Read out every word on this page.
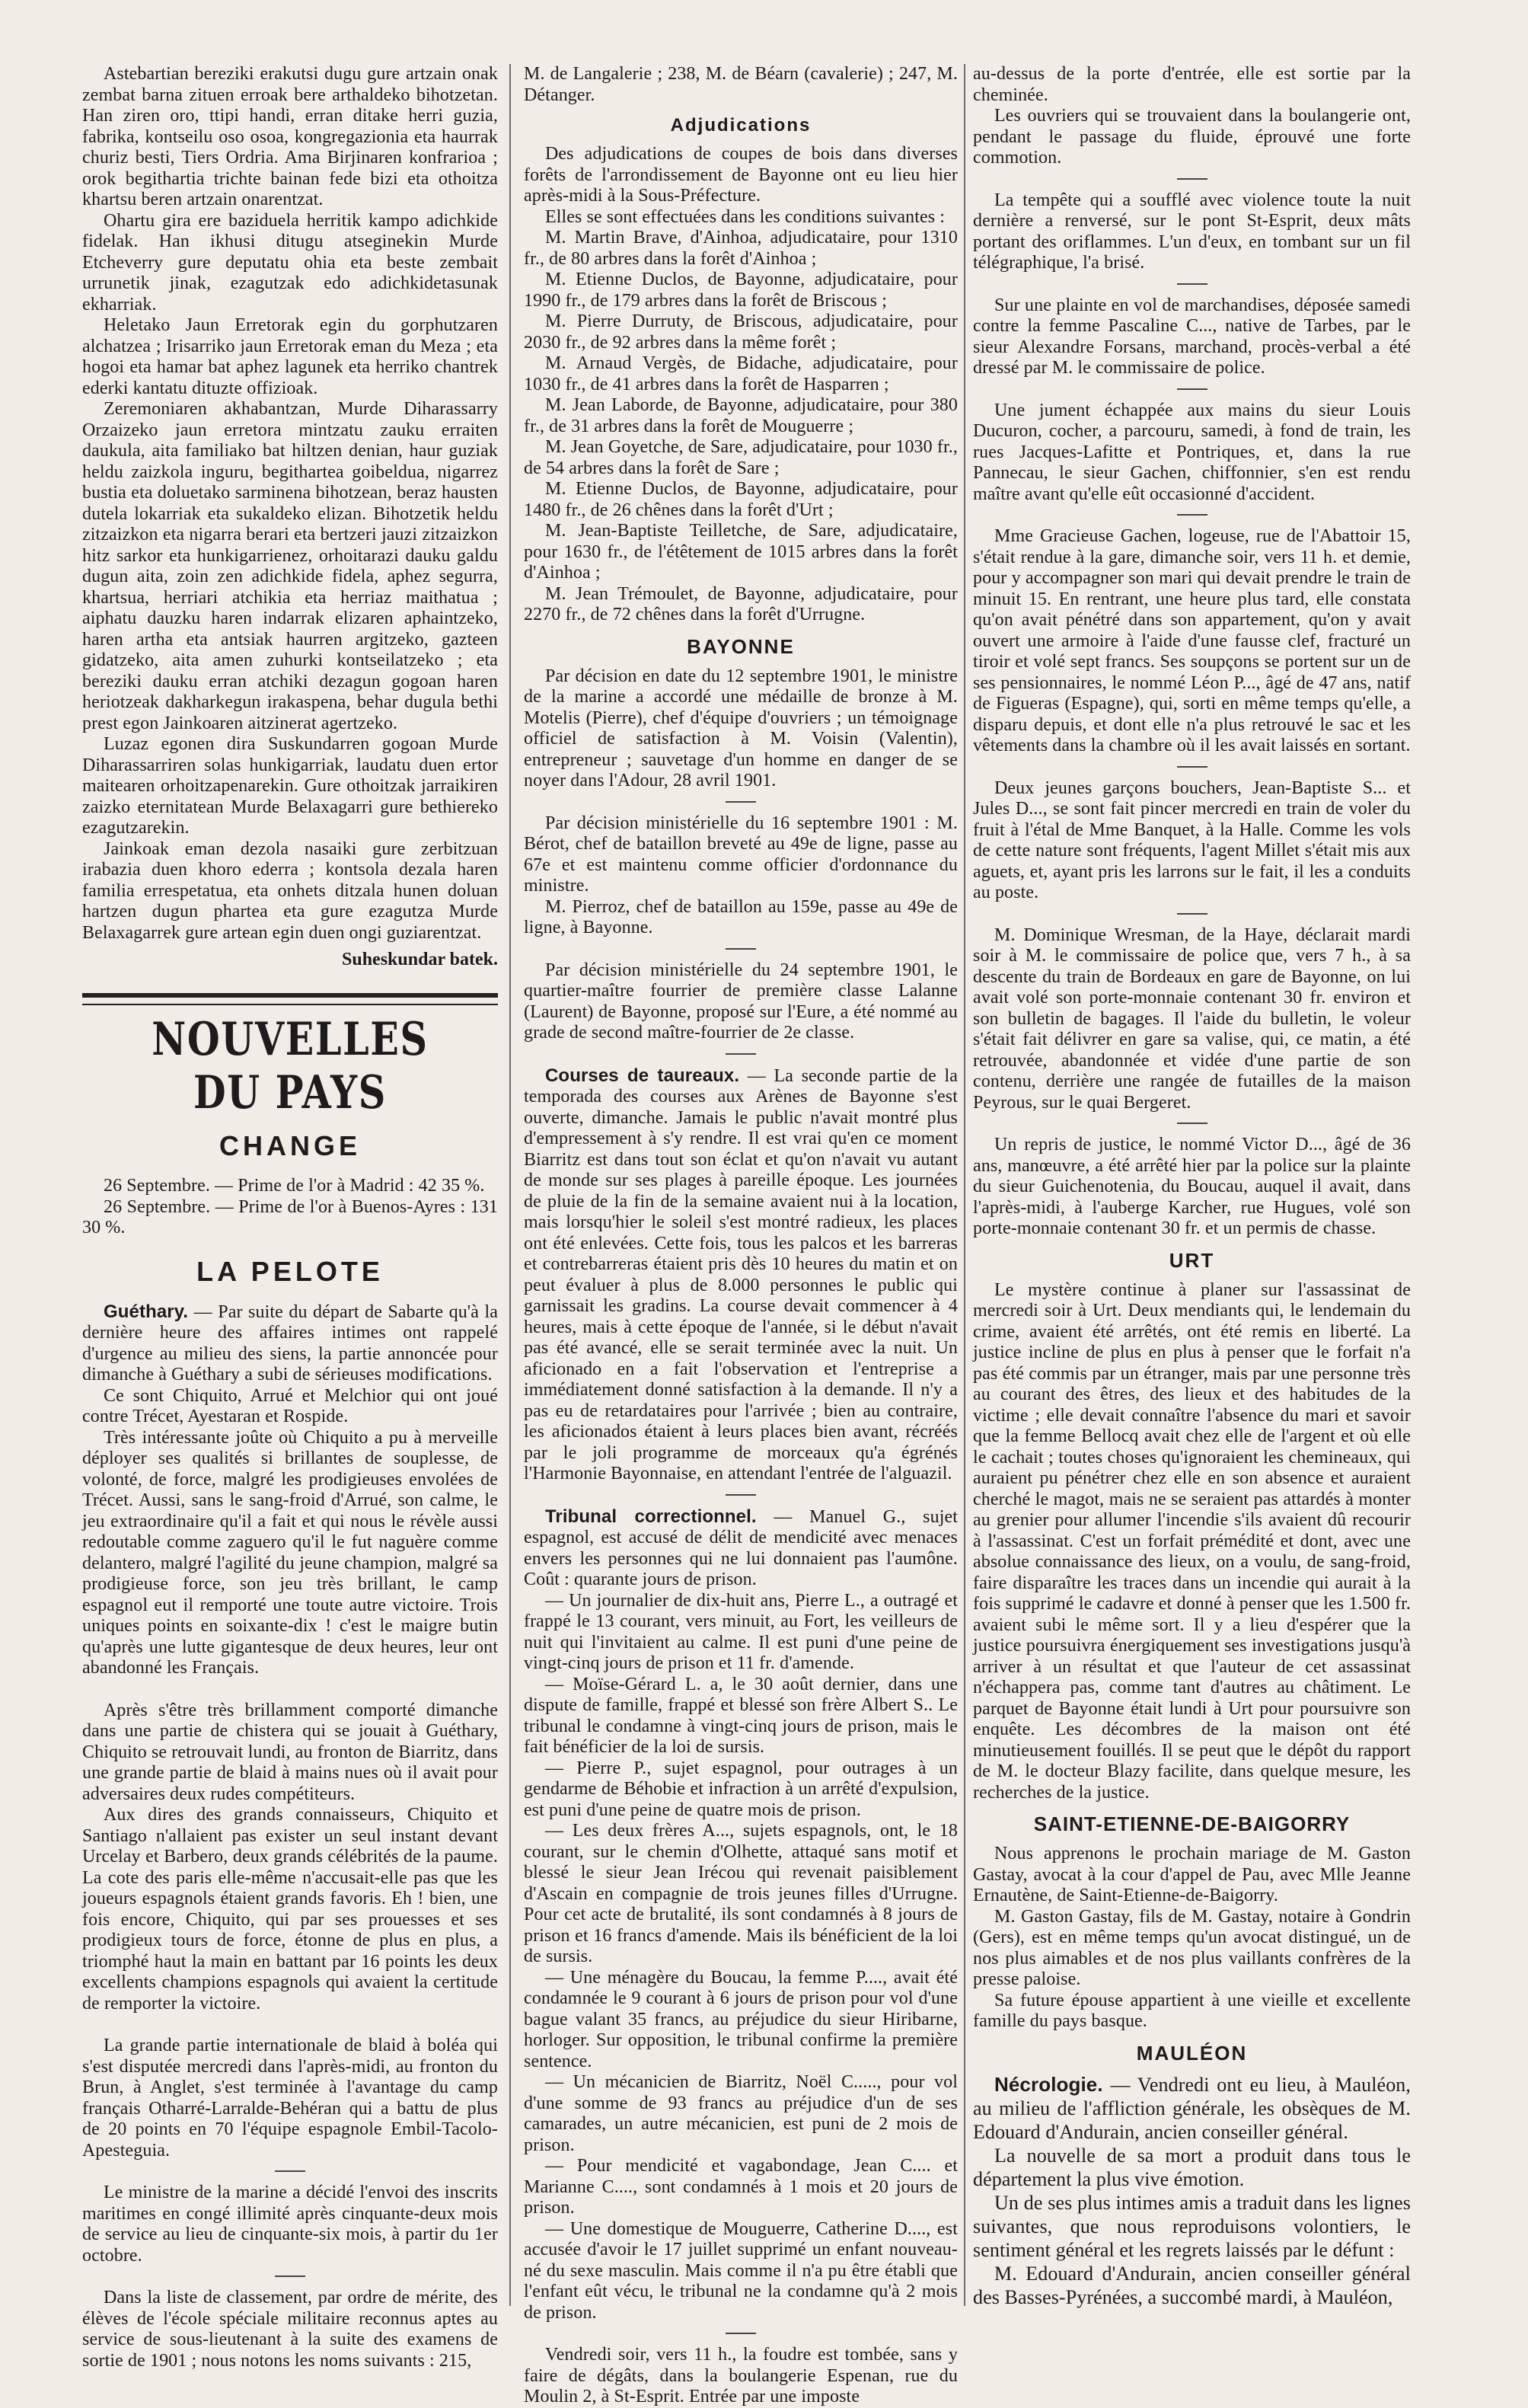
Astebartian bereziki erakutsi dugu gure artzain onak zembat barna zituen erroak bere arthaldeko bihotzetan. Han ziren oro, ttipi handi, erran ditake herri guzia, fabrika, kontseilu oso osoa, kongregazionia eta haurrak churiz besti, Tiers Ordria. Ama Birjinaren konfrarioa ; orok begithartia trichte bainan fede bizi eta othoitza khartsu beren artzain onarentzat.

Ohartu gira ere baziduela herritik kampo adichkide fidelak. Han ikhusi ditugu atseginekin Murde Etcheverry gure deputatu ohia eta beste zembait urrunetik jinak, ezagutzak edo adichkidetasunak ekharriak.

Heletako Jaun Erretorak egin du gorphutzaren alchatzea ; Irisarriko jaun Erretorak eman du Meza ; eta hogoi eta hamar bat aphez lagunek eta herriko chantrek ederki kantatu dituzte offizioak.

Zeremoniaren akhabantzan, Murde Diharassarry Orzaizeko jaun erretora mintzatu zauku erraiten daukula, aita familiako bat hiltzen denian, haur guziak heldu zaizkola inguru, begithartea goibeldua, nigarrez bustia eta doluetako sarminena bihotzean, beraz hausten dutela lokarriak eta sukaldeko elizan. Bihotzetik heldu zitzaizkon eta nigarra berari eta bertzeri jauzi zitzaizkon hitz sarkor eta hunkigarrienez, orhoitarazi dauku galdu dugun aita, zoin zen adichkide fidela, aphez segurra, khartsua, herriari atchikia eta herriaz maithatua ; aiphatu dauzku haren indarrak elizaren aphaintzeko, haren artha eta antsiak haurren argitzeko, gazteen gidatzeko, aita amen zuhurki kontseilatzeko ; eta bereziki dauku erran atchiki dezagun gogoan haren heriotzeak dakharkegun irakaspena, behar dugula bethi prest egon Jainkoaren aitzinerat agertzeko.

Luzaz egonen dira Suskundarren gogoan Murde Diharassarriren solas hunkigarriak, laudatu duen ertor maitearen orhoitzapenarekin. Gure othoitzak jarraikiren zaizko eternitatean Murde Belaxagarri gure bethiereko ezagutzarekin.

Jainkoak eman dezola nasaiki gure zerbitzuan irabazia duen khoro ederra ; kontsola dezala haren familia errespetatua, eta onhets ditzala hunen doluan hartzen dugun phartea eta gure ezagutza Murde Belaxagarrek gure artean egin duen ongi guziarentzat.

Suheskundar batek.
NOUVELLES DU PAYS
CHANGE

26 Septembre. — Prime de l'or à Madrid : 42 35 %.

26 Septembre. — Prime de l'or à Buenos-Ayres : 131 30 %.

LA PELOTE

Guéthary. — Par suite du départ de Sabarte qu'à la dernière heure des affaires intimes ont rappelé d'urgence au milieu des siens, la partie annoncée pour dimanche à Guéthary a subi de sérieuses modifications.

Ce sont Chiquito, Arrué et Melchior qui ont joué contre Trécet, Ayestaran et Rospide.

Très intéressante joûte où Chiquito a pu à merveille déployer ses qualités si brillantes de souplesse, de volonté, de force, malgré les prodigieuses envolées de Trécet. Aussi, sans le sang-froid d'Arrué, son calme, le jeu extraordinaire qu'il a fait et qui nous le révèle aussi redoutable comme zaguero qu'il le fut naguère comme delantero, malgré l'agilité du jeune champion, malgré sa prodigieuse force, son jeu très brillant, le camp espagnol eut il remporté une toute autre victoire. Trois uniques points en soixante-dix ! c'est le maigre butin qu'après une lutte gigantesque de deux heures, leur ont abandonné les Français.

Après s'être très brillamment comporté dimanche dans une partie de chistera qui se jouait à Guéthary, Chiquito se retrouvait lundi, au fronton de Biarritz, dans une grande partie de blaid à mains nues où il avait pour adversaires deux rudes compétiteurs.

Aux dires des grands connaisseurs, Chiquito et Santiago n'allaient pas exister un seul instant devant Urcelay et Barbero, deux grands célébrités de la paume. La cote des paris elle-même n'accusait-elle pas que les joueurs espagnols étaient grands favoris. Eh ! bien, une fois encore, Chiquito, qui par ses prouesses et ses prodigieux tours de force, étonne de plus en plus, a triomphé haut la main en battant par 16 points les deux excellents champions espagnols qui avaient la certitude de remporter la victoire.

La grande partie internationale de blaid à boléa qui s'est disputée mercredi dans l'après-midi, au fronton du Brun, à Anglet, s'est terminée à l'avantage du camp français Otharré-Larralde-Behéran qui a battu de plus de 20 points en 70 l'équipe espagnole Embil-Tacolo-Apesteguia.

Le ministre de la marine a décidé l'envoi des inscrits maritimes en congé illimité après cinquante-deux mois de service au lieu de cinquante-six mois, à partir du 1er octobre.

Dans la liste de classement, par ordre de mérite, des élèves de l'école spéciale militaire reconnus aptes au service de sous-lieutenant à la suite des examens de sortie de 1901 ; nous notons les noms suivants : 215,

M. de Langalerie ; 238, M. de Béarn (cavalerie) ; 247, M. Détanger.

Adjudications

Des adjudications de coupes de bois dans diverses forêts de l'arrondissement de Bayonne ont eu lieu hier après-midi à la Sous-Préfecture.

Elles se sont effectuées dans les conditions suivantes :

M. Martin Brave, d'Ainhoa, adjudicataire, pour 1310 fr., de 80 arbres dans la forêt d'Ainhoa ;

M. Etienne Duclos, de Bayonne, adjudicataire, pour 1990 fr., de 179 arbres dans la forêt de Briscous ;

M. Pierre Durruty, de Briscous, adjudicataire, pour 2030 fr., de 92 arbres dans la même forêt ;

M. Arnaud Vergès, de Bidache, adjudicataire, pour 1030 fr., de 41 arbres dans la forêt de Hasparren ;

M. Jean Laborde, de Bayonne, adjudicataire, pour 380 fr., de 31 arbres dans la forêt de Mouguerre ;

M. Jean Goyetche, de Sare, adjudicataire, pour 1030 fr., de 54 arbres dans la forêt de Sare ;

M. Etienne Duclos, de Bayonne, adjudicataire, pour 1480 fr., de 26 chênes dans la forêt d'Urt ;

M. Jean-Baptiste Teilletche, de Sare, adjudicataire, pour 1630 fr., de l'étêtement de 1015 arbres dans la forêt d'Ainhoa ;

M. Jean Trémoulet, de Bayonne, adjudicataire, pour 2270 fr., de 72 chênes dans la forêt d'Urrugne.

BAYONNE

Par décision en date du 12 septembre 1901, le ministre de la marine a accordé une médaille de bronze à M. Motelis (Pierre), chef d'équipe d'ouvriers ; un témoignage officiel de satisfaction à M. Voisin (Valentin), entrepreneur ; sauvetage d'un homme en danger de se noyer dans l'Adour, 28 avril 1901.

Par décision ministérielle du 16 septembre 1901 : M. Bérot, chef de bataillon breveté au 49e de ligne, passe au 67e et est maintenu comme officier d'ordonnance du ministre.

M. Pierroz, chef de bataillon au 159e, passe au 49e de ligne, à Bayonne.

Par décision ministérielle du 24 septembre 1901, le quartier-maître fourrier de première classe Lalanne (Laurent) de Bayonne, proposé sur l'Eure, a été nommé au grade de second maître-fourrier de 2e classe.

Courses de taureaux. — La seconde partie de la temporada des courses aux Arènes de Bayonne s'est ouverte, dimanche. Jamais le public n'avait montré plus d'empressement à s'y rendre. Il est vrai qu'en ce moment Biarritz est dans tout son éclat et qu'on n'avait vu autant de monde sur ses plages à pareille époque. Les journées de pluie de la fin de la semaine avaient nui à la location, mais lorsqu'hier le soleil s'est montré radieux, les places ont été enlevées. Cette fois, tous les palcos et les barreras et contrebarreras étaient pris dès 10 heures du matin et on peut évaluer à plus de 8.000 personnes le public qui garnissait les gradins. La course devait commencer à 4 heures, mais à cette époque de l'année, si le début n'avait pas été avancé, elle se serait terminée avec la nuit. Un aficionado en a fait l'observation et l'entreprise a immédiatement donné satisfaction à la demande. Il n'y a pas eu de retardataires pour l'arrivée ; bien au contraire, les aficionados étaient à leurs places bien avant, récréés par le joli programme de morceaux qu'a égrénés l'Harmonie Bayonnaise, en attendant l'entrée de l'alguazil.

Tribunal correctionnel. — Manuel G., sujet espagnol, est accusé de délit de mendicité avec menaces envers les personnes qui ne lui donnaient pas l'aumône. Coût : quarante jours de prison.

— Un journalier de dix-huit ans, Pierre L., a outragé et frappé le 13 courant, vers minuit, au Fort, les veilleurs de nuit qui l'invitaient au calme. Il est puni d'une peine de vingt-cinq jours de prison et 11 fr. d'amende.

— Moïse-Gérard L. a, le 30 août dernier, dans une dispute de famille, frappé et blessé son frère Albert S.. Le tribunal le condamne à vingt-cinq jours de prison, mais le fait bénéficier de la loi de sursis.

— Pierre P., sujet espagnol, pour outrages à un gendarme de Béhobie et infraction à un arrêté d'expulsion, est puni d'une peine de quatre mois de prison.

— Les deux frères A..., sujets espagnols, ont, le 18 courant, sur le chemin d'Olhette, attaqué sans motif et blessé le sieur Jean Irécou qui revenait paisiblement d'Ascain en compagnie de trois jeunes filles d'Urrugne. Pour cet acte de brutalité, ils sont condamnés à 8 jours de prison et 16 francs d'amende. Mais ils bénéficient de la loi de sursis.

— Une ménagère du Boucau, la femme P...., avait été condamnée le 9 courant à 6 jours de prison pour vol d'une bague valant 35 francs, au préjudice du sieur Hiribarne, horloger. Sur opposition, le tribunal confirme la première sentence.

— Un mécanicien de Biarritz, Noël C....., pour vol d'une somme de 93 francs au préjudice d'un de ses camarades, un autre mécanicien, est puni de 2 mois de prison.

— Pour mendicité et vagabondage, Jean C.... et Marianne C...., sont condamnés à 1 mois et 20 jours de prison.

— Une domestique de Mouguerre, Catherine D...., est accusée d'avoir le 17 juillet supprimé un enfant nouveau-né du sexe masculin. Mais comme il n'a pu être établi que l'enfant eût vécu, le tribunal ne la condamne qu'à 2 mois de prison.

Vendredi soir, vers 11 h., la foudre est tombée, sans y faire de dégâts, dans la boulangerie Espenan, rue du Moulin 2, à St-Esprit. Entrée par une imposte

au-dessus de la porte d'entrée, elle est sortie par la cheminée.

Les ouvriers qui se trouvaient dans la boulangerie ont, pendant le passage du fluide, éprouvé une forte commotion.

La tempête qui a soufflé avec violence toute la nuit dernière a renversé, sur le pont St-Esprit, deux mâts portant des oriflammes. L'un d'eux, en tombant sur un fil télégraphique, l'a brisé.

Sur une plainte en vol de marchandises, déposée samedi contre la femme Pascaline C..., native de Tarbes, par le sieur Alexandre Forsans, marchand, procès-verbal a été dressé par M. le commissaire de police.

Une jument échappée aux mains du sieur Louis Ducuron, cocher, a parcouru, samedi, à fond de train, les rues Jacques-Lafitte et Pontriques, et, dans la rue Pannecau, le sieur Gachen, chiffonnier, s'en est rendu maître avant qu'elle eût occasionné d'accident.

Mme Gracieuse Gachen, logeuse, rue de l'Abattoir 15, s'était rendue à la gare, dimanche soir, vers 11 h. et demie, pour y accompagner son mari qui devait prendre le train de minuit 15. En rentrant, une heure plus tard, elle constata qu'on avait pénétré dans son appartement, qu'on y avait ouvert une armoire à l'aide d'une fausse clef, fracturé un tiroir et volé sept francs. Ses soupçons se portent sur un de ses pensionnaires, le nommé Léon P..., âgé de 47 ans, natif de Figueras (Espagne), qui, sorti en même temps qu'elle, a disparu depuis, et dont elle n'a plus retrouvé le sac et les vêtements dans la chambre où il les avait laissés en sortant.

Deux jeunes garçons bouchers, Jean-Baptiste S... et Jules D..., se sont fait pincer mercredi en train de voler du fruit à l'étal de Mme Banquet, à la Halle. Comme les vols de cette nature sont fréquents, l'agent Millet s'était mis aux aguets, et, ayant pris les larrons sur le fait, il les a conduits au poste.

M. Dominique Wresman, de la Haye, déclarait mardi soir à M. le commissaire de police que, vers 7 h., à sa descente du train de Bordeaux en gare de Bayonne, on lui avait volé son porte-monnaie contenant 30 fr. environ et son bulletin de bagages. Il l'aide du bulletin, le voleur s'était fait délivrer en gare sa valise, qui, ce matin, a été retrouvée, abandonnée et vidée d'une partie de son contenu, derrière une rangée de futailles de la maison Peyrous, sur le quai Bergeret.

Un repris de justice, le nommé Victor D..., âgé de 36 ans, manœuvre, a été arrêté hier par la police sur la plainte du sieur Guichenotenia, du Boucau, auquel il avait, dans l'après-midi, à l'auberge Karcher, rue Hugues, volé son porte-monnaie contenant 30 fr. et un permis de chasse.

URT

Le mystère continue à planer sur l'assassinat de mercredi soir à Urt. Deux mendiants qui, le lendemain du crime, avaient été arrêtés, ont été remis en liberté. La justice incline de plus en plus à penser que le forfait n'a pas été commis par un étranger, mais par une personne très au courant des êtres, des lieux et des habitudes de la victime ; elle devait connaître l'absence du mari et savoir que la femme Bellocq avait chez elle de l'argent et où elle le cachait ; toutes choses qu'ignoraient les chemineaux, qui auraient pu pénétrer chez elle en son absence et auraient cherché le magot, mais ne se seraient pas attardés à monter au grenier pour allumer l'incendie s'ils avaient dû recourir à l'assassinat. C'est un forfait prémédité et dont, avec une absolue connaissance des lieux, on a voulu, de sang-froid, faire disparaître les traces dans un incendie qui aurait à la fois supprimé le cadavre et donné à penser que les 1.500 fr. avaient subi le même sort. Il y a lieu d'espérer que la justice poursuivra énergiquement ses investigations jusqu'à arriver à un résultat et que l'auteur de cet assassinat n'échappera pas, comme tant d'autres au châtiment. Le parquet de Bayonne était lundi à Urt pour poursuivre son enquête. Les décombres de la maison ont été minutieusement fouillés. Il se peut que le dépôt du rapport de M. le docteur Blazy facilite, dans quelque mesure, les recherches de la justice.

SAINT-ETIENNE-DE-BAIGORRY

Nous apprenons le prochain mariage de M. Gaston Gastay, avocat à la cour d'appel de Pau, avec Mlle Jeanne Ernautène, de Saint-Etienne-de-Baigorry.

M. Gaston Gastay, fils de M. Gastay, notaire à Gondrin (Gers), est en même temps qu'un avocat distingué, un de nos plus aimables et de nos plus vaillants confrères de la presse paloise.

Sa future épouse appartient à une vieille et excellente famille du pays basque.

MAULÉON

Nécrologie. — Vendredi ont eu lieu, à Mauléon, au milieu de l'affliction générale, les obsèques de M. Edouard d'Andurain, ancien conseiller général.

La nouvelle de sa mort a produit dans tous le département la plus vive émotion.

Un de ses plus intimes amis a traduit dans les lignes suivantes, que nous reproduisons volontiers, le sentiment général et les regrets laissés par le défunt :

M. Edouard d'Andurain, ancien conseiller général des Basses-Pyrénées, a succombé mardi, à Mauléon,
